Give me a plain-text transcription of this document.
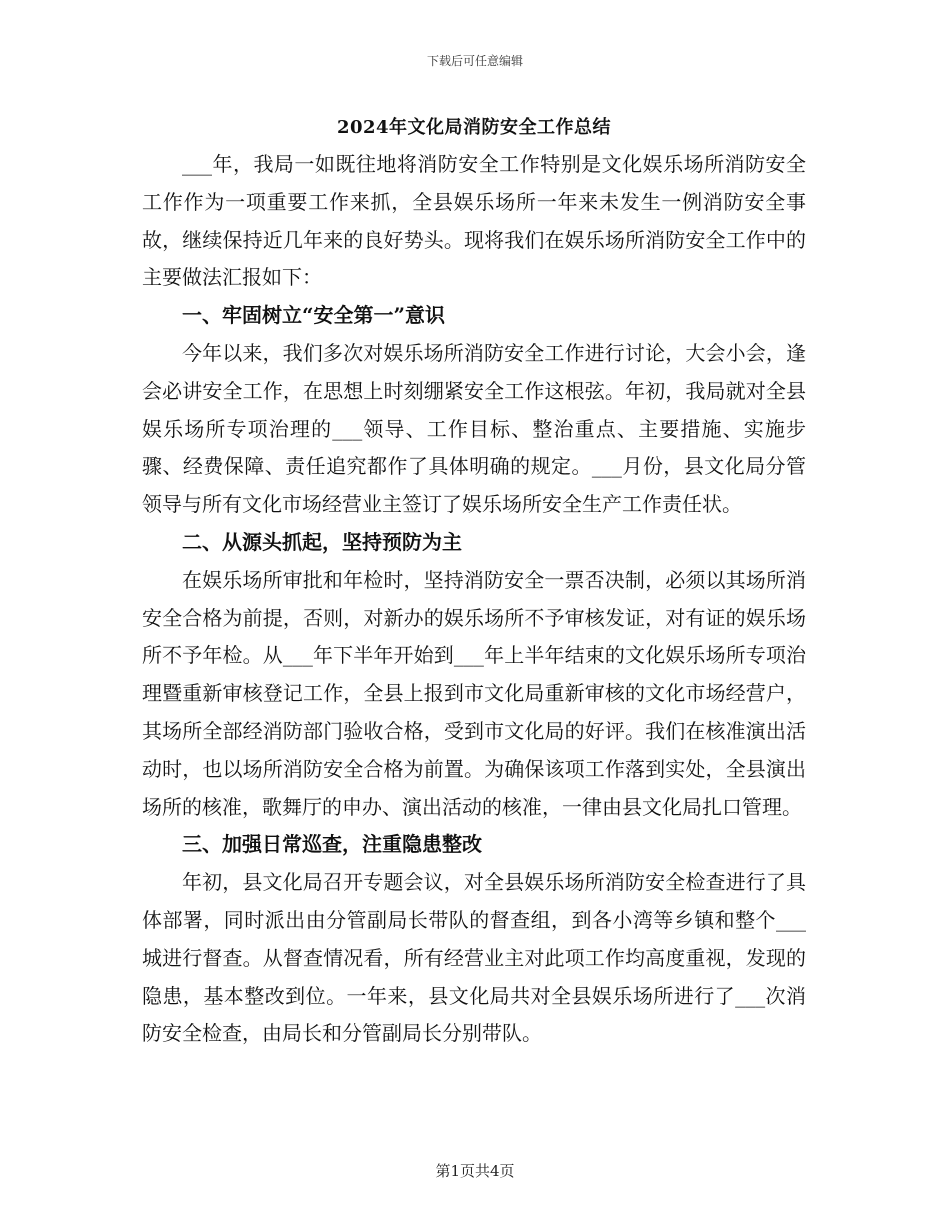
下载后可任意编辑
2024年文化局消防安全工作总结

___年，我局一如既往地将消防安全工作特别是文化娱乐场所消防安全工作作为一项重要工作来抓，全县娱乐场所一年来未发生一例消防安全事故，继续保持近几年来的良好势头。现将我们在娱乐场所消防安全工作中的主要做法汇报如下：

一、牢固树立“安全第一”意识

今年以来，我们多次对娱乐场所消防安全工作进行讨论，大会小会，逢会必讲安全工作，在思想上时刻绷紧安全工作这根弦。年初，我局就对全县娱乐场所专项治理的___领导、工作目标、整治重点、主要措施、实施步骤、经费保障、责任追究都作了具体明确的规定。___月份，县文化局分管领导与所有文化市场经营业主签订了娱乐场所安全生产工作责任状。

二、从源头抓起，坚持预防为主

在娱乐场所审批和年检时，坚持消防安全一票否决制，必须以其场所消安全合格为前提，否则，对新办的娱乐场所不予审核发证，对有证的娱乐场所不予年检。从___年下半年开始到___年上半年结束的文化娱乐场所专项治理暨重新审核登记工作，全县上报到市文化局重新审核的文化市场经营户，其场所全部经消防部门验收合格，受到市文化局的好评。我们在核准演出活动时，也以场所消防安全合格为前置。为确保该项工作落到实处，全县演出场所的核准，歌舞厅的申办、演出活动的核准，一律由县文化局扎口管理。

三、加强日常巡查，注重隐患整改

年初，县文化局召开专题会议，对全县娱乐场所消防安全检查进行了具体部署，同时派出由分管副局长带队的督查组，到各小湾等乡镇和整个___城进行督查。从督查情况看，所有经营业主对此项工作均高度重视，发现的隐患，基本整改到位。一年来，县文化局共对全县娱乐场所进行了___次消防安全检查，由局长和分管副局长分别带队。

第1页共4页
